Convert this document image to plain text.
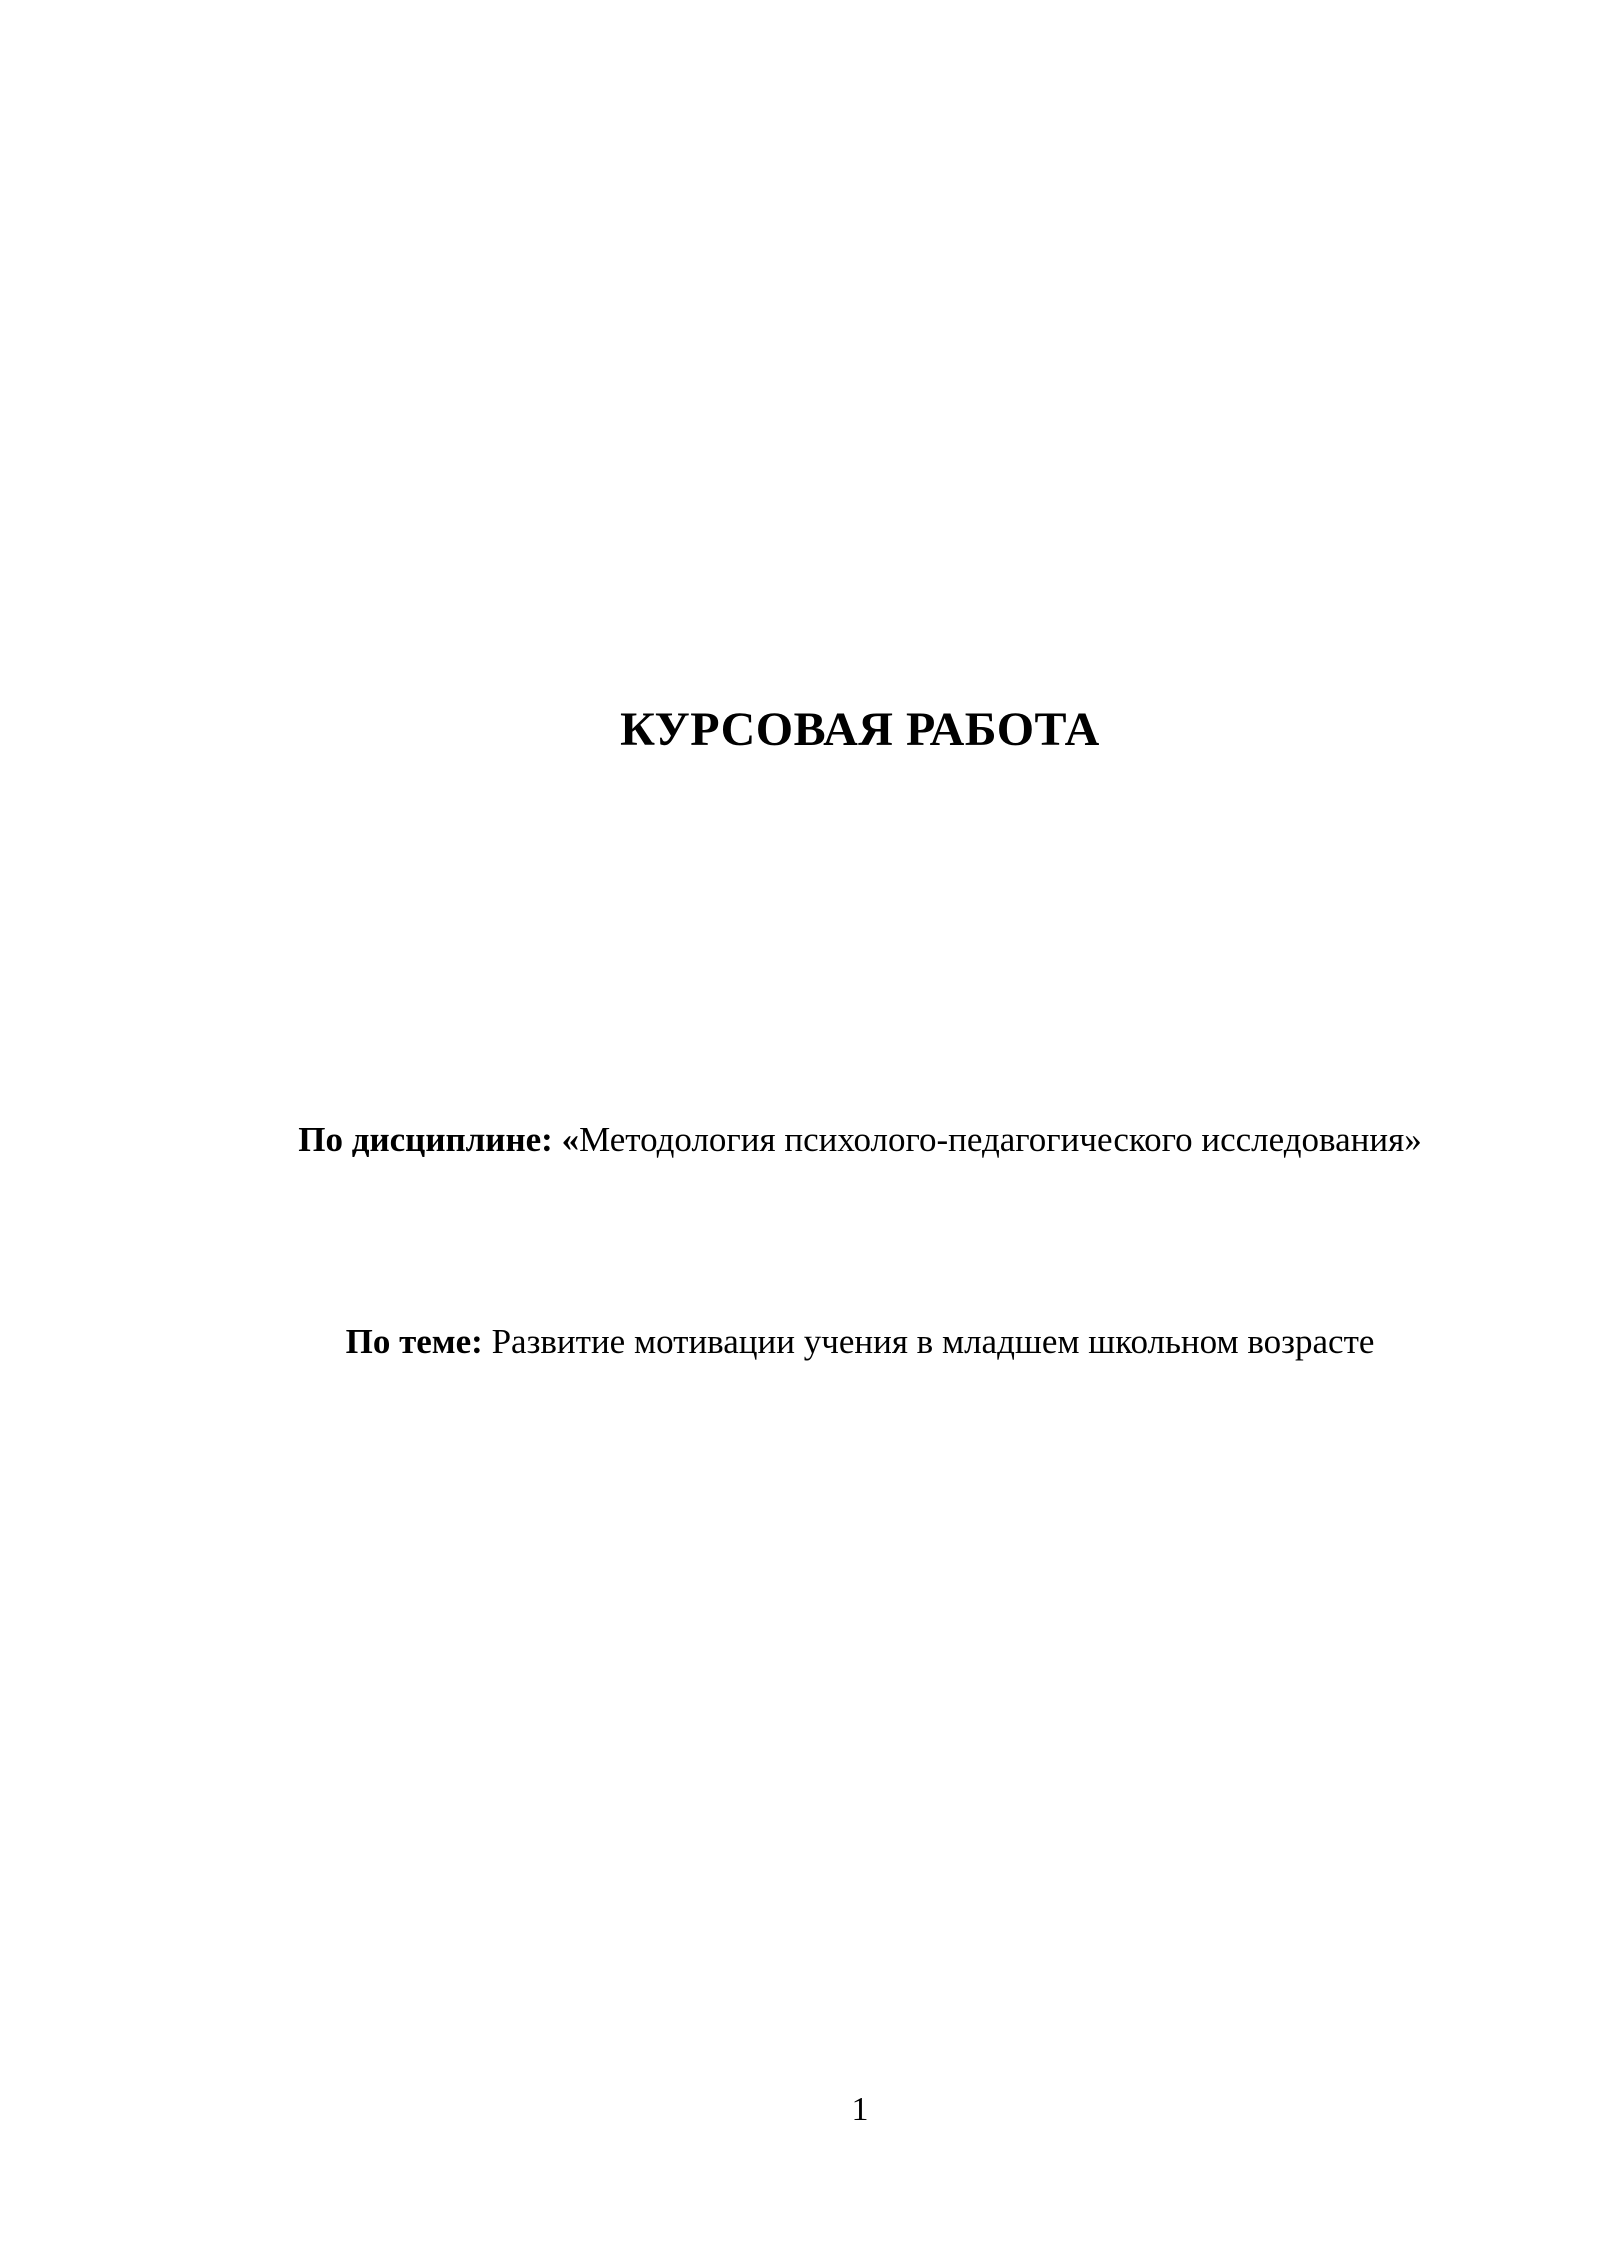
КУРСОВАЯ РАБОТА
По дисциплине: «Методология психолого-педагогического исследования»
По теме: Развитие мотивации учения в младшем школьном возрасте
1
